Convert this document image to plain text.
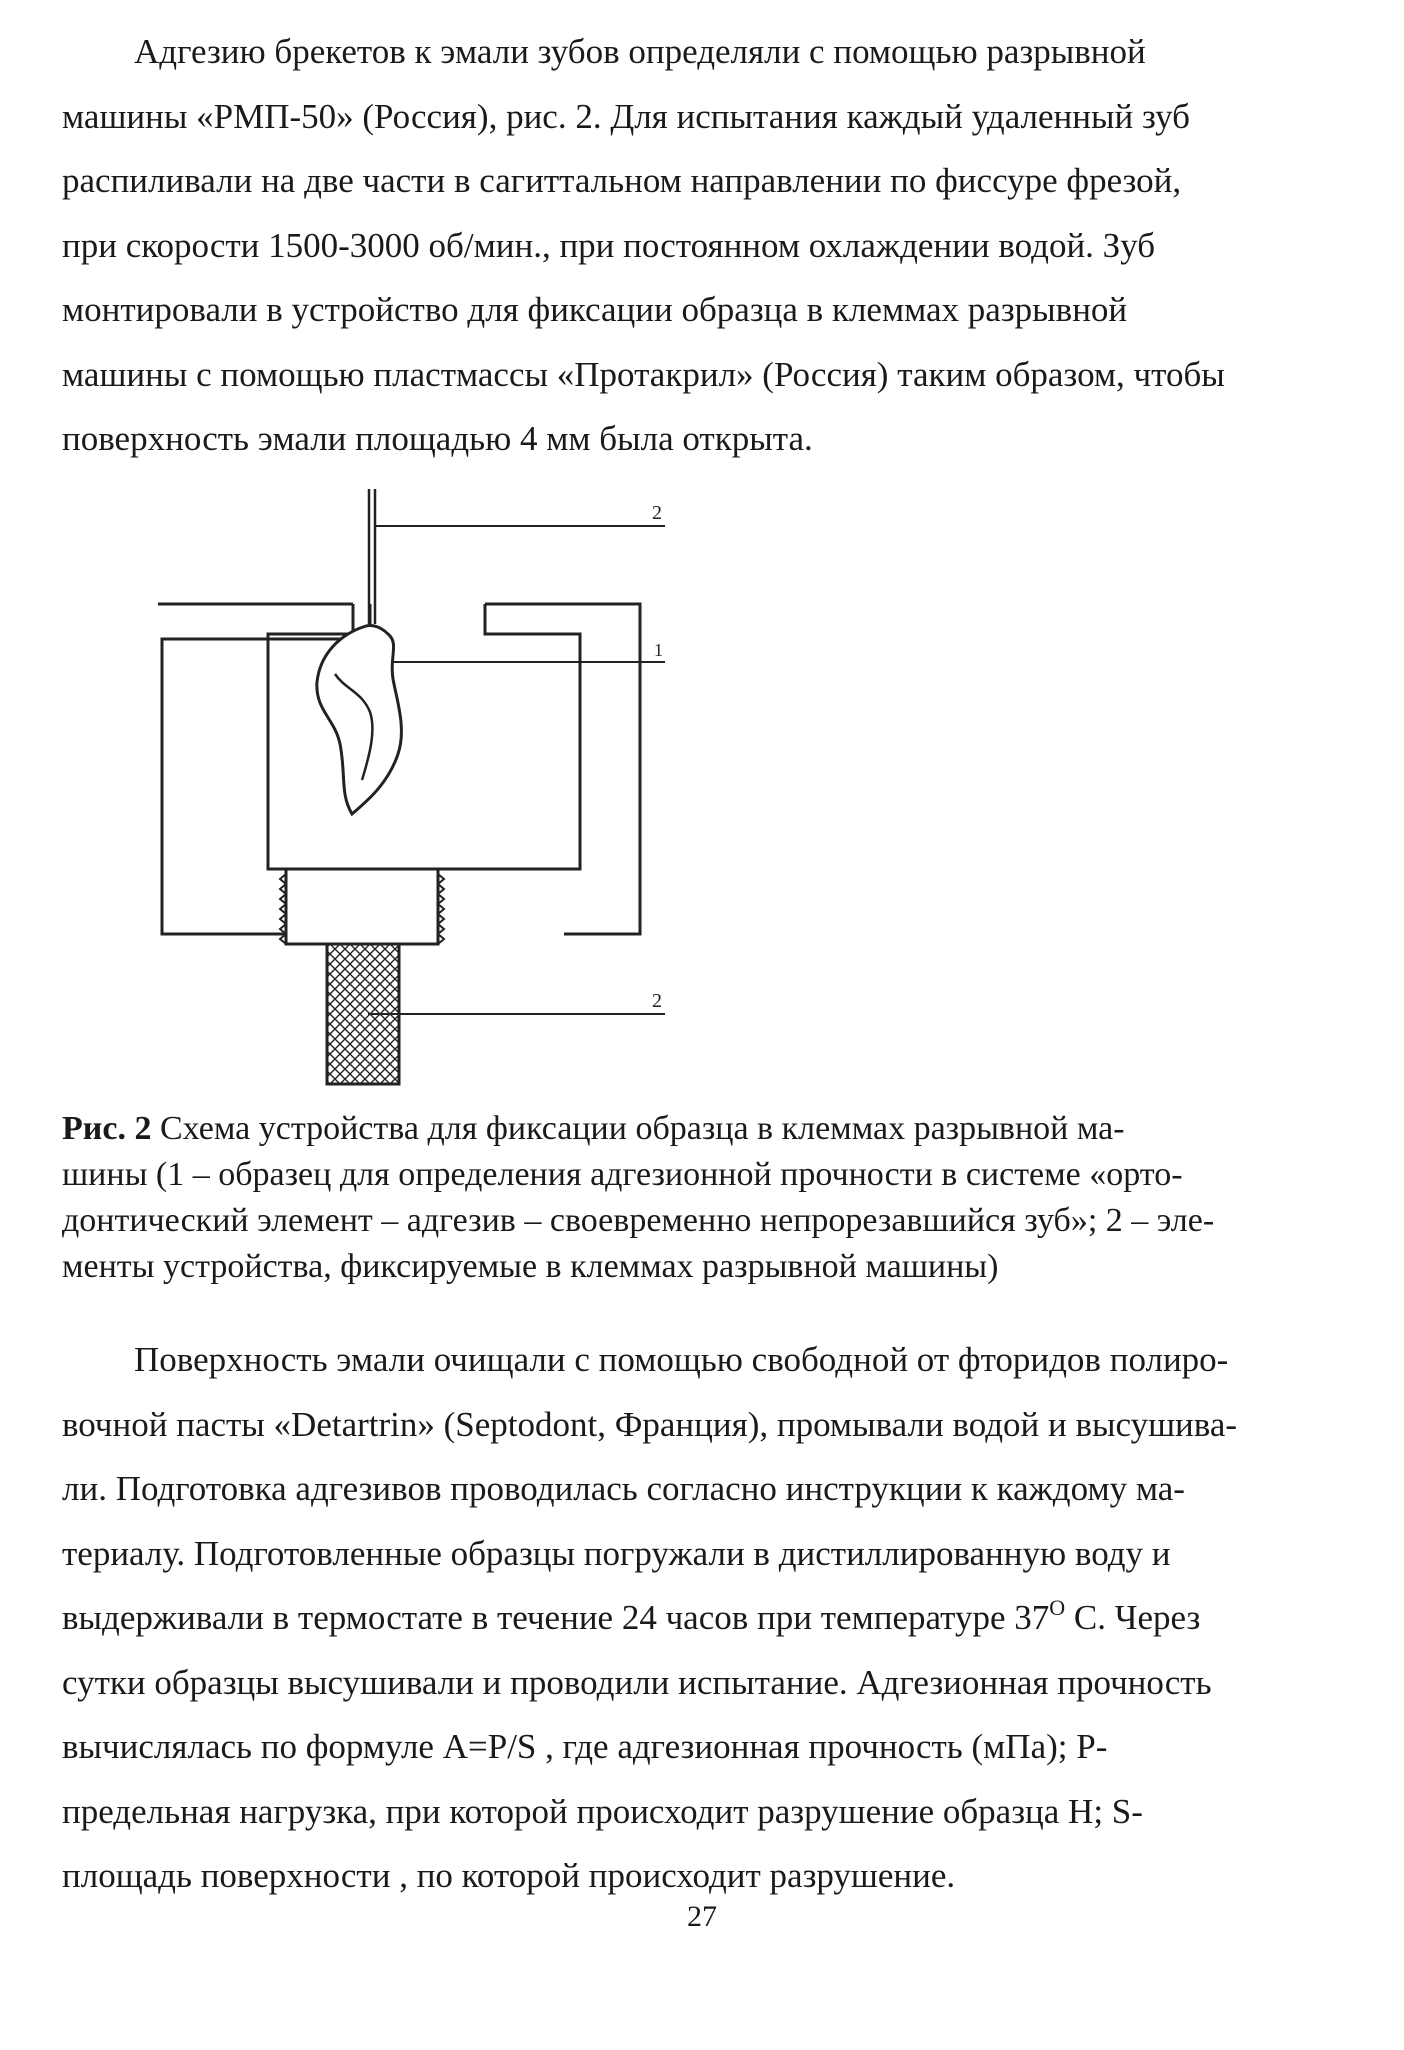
Адгезию брекетов к эмали зубов определяли с помощью разрывной
машины «РМП-50» (Россия), рис. 2. Для испытания каждый удаленный зуб
распиливали на две части в сагиттальном направлении по фиссуре фрезой,
при скорости 1500-3000 об/мин., при постоянном охлаждении водой. Зуб
монтировали в устройство для фиксации образца в клеммах разрывной
машины с помощью пластмассы «Протакрил» (Россия) таким образом, чтобы
поверхность эмали площадью 4 мм была открыта.
2
1
2
Рис. 2 Схема устройства для фиксации образца в клеммах разрывной ма-
шины (1 – образец для определения адгезионной прочности в системе «орто-
донтический элемент – адгезив – своевременно непрорезавшийся зуб»; 2 – эле-
менты устройства, фиксируемые в клеммах разрывной машины)
Поверхность эмали очищали с помощью свободной от фторидов полиро-
вочной пасты «Detartrin» (Septodont, Франция), промывали водой и высушива-
ли. Подготовка адгезивов проводилась согласно инструкции к каждому ма-
териалу. Подготовленные образцы погружали в дистиллированную воду и
выдерживали в термостате в течение 24 часов при температуре $37^O$ С. Через
сутки образцы высушивали и проводили испытание. Адгезионная прочность
вычислялась по формуле A=P/S , где адгезионная прочность (мПа); Р-
предельная нагрузка, при которой происходит разрушение образца Н; S-
площадь поверхности , по которой происходит разрушение.
27
